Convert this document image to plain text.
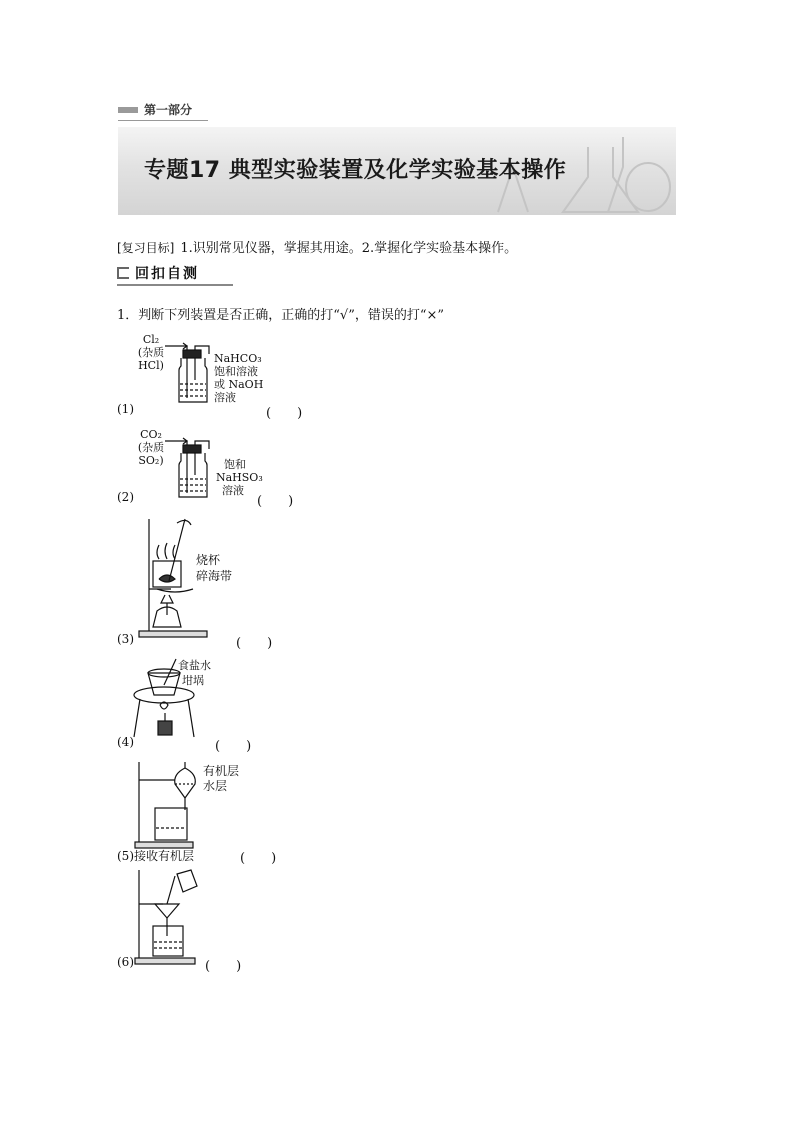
第一部分
专题17 典型实验装置及化学实验基本操作
[复习目标] 1.识别常见仪器，掌握其用途。2.掌握化学实验基本操作。
回扣自测
1．判断下列装置是否正确，正确的打“√”，错误的打“×”
Cl₂
(杂质
HCl)
NaHCO₃
饱和溶液
或 NaOH
溶液
(1)	(　　)
CO₂
(杂质
SO₂)	饱和
NaHSO₃
溶液
(2)	(　　)
烧杯
碎海带
(3)	(　　)
食盐水
坩埚
(4)	(　　)
有机层
水层
(5)接收有机层	(　　)
(6)	(　　)
